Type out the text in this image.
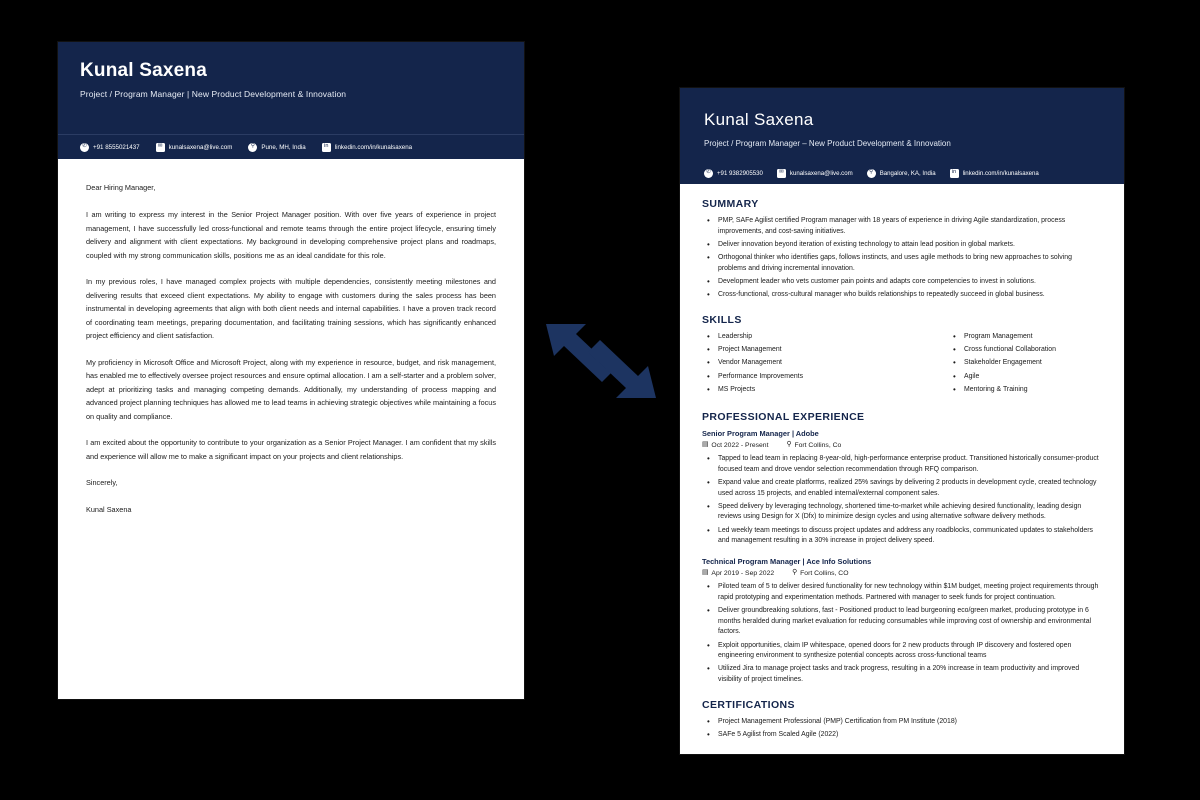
Kunal Saxena
Project / Program Manager | New Product Development & Innovation
✆	+91 8555021437	✉	kunalsaxena@live.com	⚲	Pune, MH, India	in	linkedin.com/in/kunalsaxena

Dear Hiring Manager,

I am writing to express my interest in the Senior Project Manager position. With over five years of experience in project management, I have successfully led cross-functional and remote teams through the entire project lifecycle, ensuring timely delivery and alignment with client expectations. My background in developing comprehensive project plans and roadmaps, coupled with my strong communication skills, positions me as an ideal candidate for this role.

In my previous roles, I have managed complex projects with multiple dependencies, consistently meeting milestones and delivering results that exceed client expectations. My ability to engage with customers during the sales process has been instrumental in developing agreements that align with both client needs and internal capabilities. I have a proven track record of coordinating team meetings, preparing documentation, and facilitating training sessions, which has significantly enhanced project efficiency and client satisfaction.

My proficiency in Microsoft Office and Microsoft Project, along with my experience in resource, budget, and risk management, has enabled me to effectively oversee project resources and ensure optimal allocation. I am a self-starter and a problem solver, adept at prioritizing tasks and managing competing demands. Additionally, my understanding of process mapping and advanced project planning techniques has allowed me to lead teams in achieving strategic objectives while maintaining a focus on quality and compliance.

I am excited about the opportunity to contribute to your organization as a Senior Project Manager. I am confident that my skills and experience will allow me to make a significant impact on your projects and client relationships.

Sincerely,

Kunal Saxena

Kunal Saxena
Project / Program Manager – New Product Development & Innovation
✆	+91 9382905530	✉	kunalsaxena@live.com	⚲	Bangalore, KA, India	in	linkedin.com/in/kunalsaxena
SUMMARY
• PMP, SAFe Agilist certified Program manager with 18 years of experience in driving Agile standardization, process improvements, and cost-saving initiatives.
• Deliver innovation beyond iteration of existing technology to attain lead position in global markets.
• Orthogonal thinker who identifies gaps, follows instincts, and uses agile methods to bring new approaches to solving problems and driving incremental innovation.
• Development leader who vets customer pain points and adapts core competencies to invest in solutions.
• Cross-functional, cross-cultural manager who builds relationships to repeatedly succeed in global business.
SKILLS
• Leadership
• Project Management
• Vendor Management
• Performance Improvements
• MS Projects
• Program Management
• Cross functional Collaboration
• Stakeholder Engagement
• Agile
• Mentoring & Training
PROFESSIONAL EXPERIENCE
Senior Program Manager | Adobe
▤ Oct 2022 - Present	⚲ Fort Collins, Co
• Tapped to lead team in replacing 8-year-old, high-performance enterprise product. Transitioned historically consumer-product focused team and drove vendor selection recommendation through RFQ comparison.
• Expand value and create platforms, realized 25% savings by delivering 2 products in development cycle, created technology used across 15 projects, and enabled internal/external component sales.
• Speed delivery by leveraging technology, shortened time-to-market while achieving desired functionality, leading design reviews using Design for X (Dfx) to minimize design cycles and using alternative software delivery methods.
• Led weekly team meetings to discuss project updates and address any roadblocks, communicated updates to stakeholders and management resulting in a 30% increase in project delivery speed.
Technical Program Manager | Ace Info Solutions
▤ Apr 2019 - Sep 2022	⚲ Fort Collins, CO
• Piloted team of 5 to deliver desired functionality for new technology within $1M budget, meeting project requirements through rapid prototyping and experimentation methods. Partnered with manager to seek funds for project continuation.
• Deliver groundbreaking solutions, fast - Positioned product to lead burgeoning eco/green market, producing prototype in 6 months heralded during market evaluation for reducing consumables while improving cost of ownership and environmental factors.
• Exploit opportunities, claim IP whitespace, opened doors for 2 new products through IP discovery and fostered open engineering environment to synthesize potential concepts across cross-functional teams
• Utilized Jira to manage project tasks and track progress, resulting in a 20% increase in team productivity and improved visibility of project timelines.
CERTIFICATIONS
• Project Management Professional (PMP) Certification from PM Institute (2018)
• SAFe 5 Agilist from Scaled Agile (2022)
